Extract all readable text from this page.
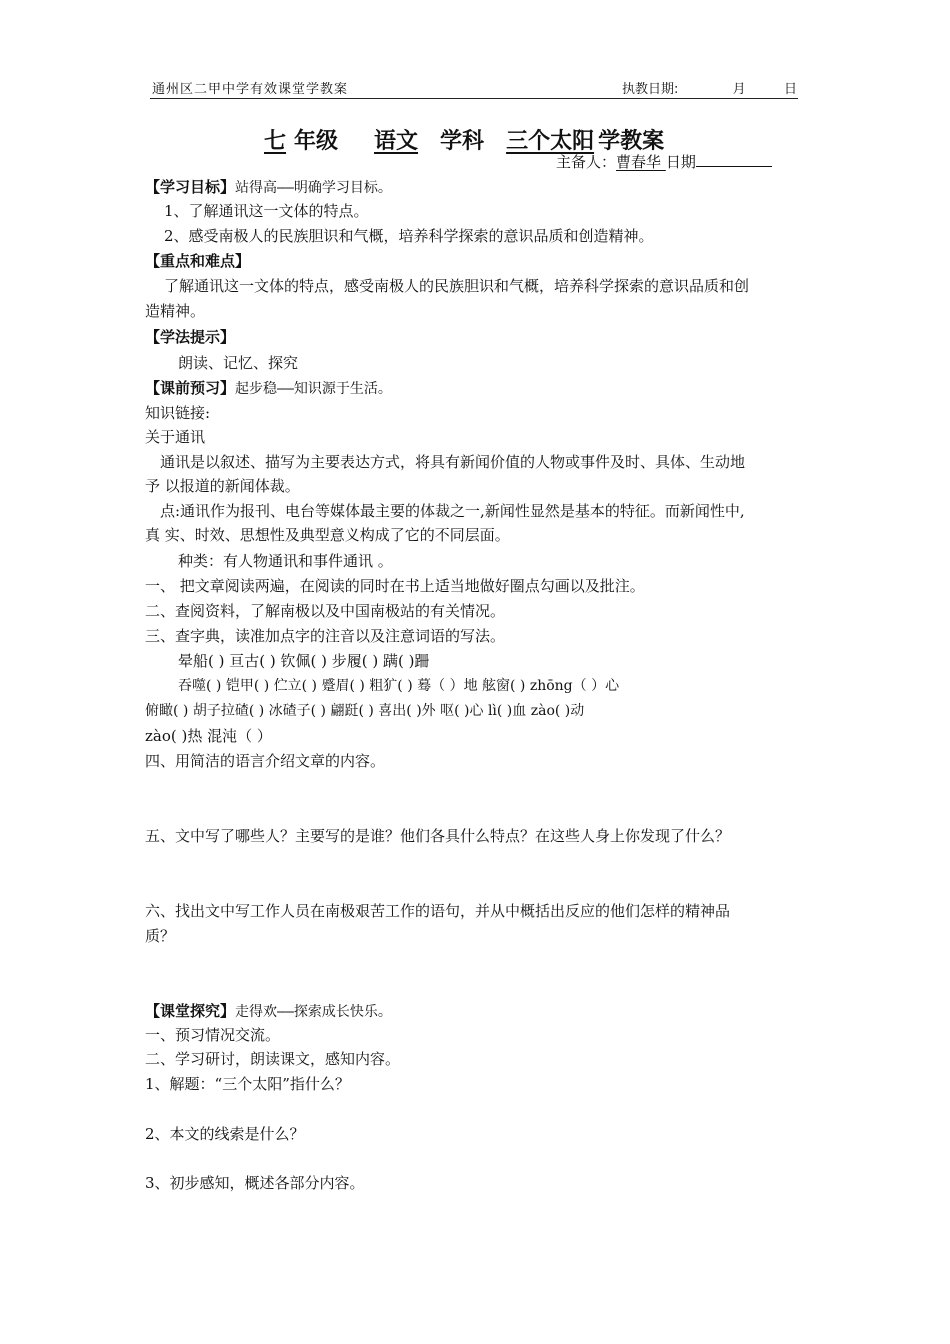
通州区二甲中学有效课堂学教案	执教日期:	月	日
七 年级 语文 学科 三个太阳 学教案
主备人：曹春华 日期
【学习目标】站得高——明确学习目标。
1、了解通讯这一文体的特点。
2、感受南极人的民族胆识和气概，培养科学探索的意识品质和创造精神。
【重点和难点】
了解通讯这一文体的特点，感受南极人的民族胆识和气概，培养科学探索的意识品质和创
造精神。
【学法提示】
朗读、记忆、探究
【课前预习】起步稳——知识源于生活。
知识链接:
关于通讯
通讯是以叙述、描写为主要表达方式，将具有新闻价值的人物或事件及时、具体、生动地
予 以报道的新闻体裁。
点:通讯作为报刊、电台等媒体最主要的体裁之一,新闻性显然是基本的特征。而新闻性中,
真 实、时效、思想性及典型意义构成了它的不同层面。
种类：有人物通讯和事件通讯 。
一、 把文章阅读两遍，在阅读的同时在书上适当地做好圈点勾画以及批注。
二、查阅资料，了解南极以及中国南极站的有关情况。
三、查字典，读准加点字的注音以及注意词语的写法。
晕船( ) 亘古( ) 钦佩( ) 步履( ) 蹒( )跚
吞噬( ) 铠甲( ) 伫立( ) 蹙眉( ) 粗犷( ) 蓦（ ）地 舷窗( ) zhōng（ ）心
俯瞰( ) 胡子拉碴( ) 冰碴子( ) 翩跹( ) 喜出( )外 呕( )心 lì( )血 zào( )动
zào( )热 混沌（ ）
四、用简洁的语言介绍文章的内容。
五、文中写了哪些人？主要写的是谁？他们各具什么特点？在这些人身上你发现了什么？
六、找出文中写工作人员在南极艰苦工作的语句，并从中概括出反应的他们怎样的精神品
质？
【课堂探究】走得欢——探索成长快乐。
一、预习情况交流。
二、学习研讨，朗读课文，感知内容。
1、解题：“三个太阳”指什么？
2、本文的线索是什么？
3、初步感知，概述各部分内容。
